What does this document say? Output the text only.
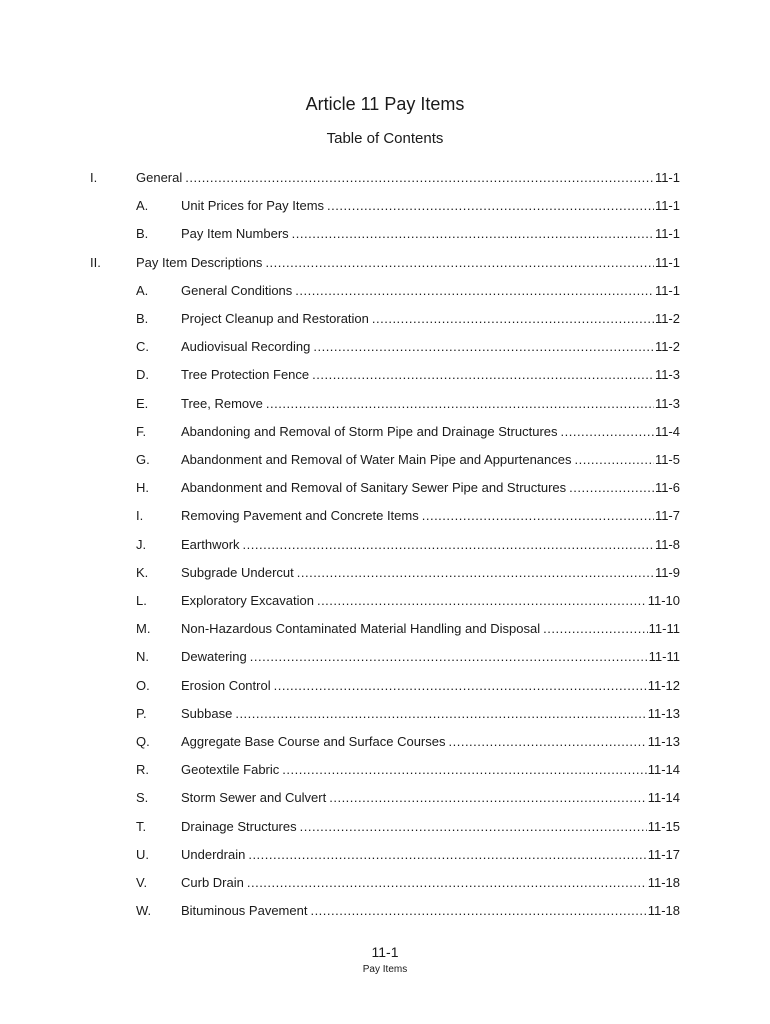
Article 11 Pay Items
Table of Contents
I.	General .....	11-1
A.	Unit Prices for Pay Items .....	11-1
B.	Pay Item Numbers .....	11-1
II.	Pay Item Descriptions .....	11-1
A.	General Conditions .....	11-1
B.	Project Cleanup and Restoration .....	11-2
C. Audiovisual Recording .....	11-2
D. Tree Protection Fence .....	11-3
E.	Tree, Remove .....	11-3
F.	Abandoning and Removal of Storm Pipe and Drainage Structures .....	11-4
G. Abandonment and Removal of Water Main Pipe and Appurtenances .....	11-5
H. Abandonment and Removal of Sanitary Sewer Pipe and Structures .....	11-6
I.	Removing Pavement and Concrete Items .....	11-7
J.	Earthwork .....	11-8
K.	Subgrade Undercut .....	11-9
L.	Exploratory Excavation .....	11-10
M. Non-Hazardous Contaminated Material Handling and Disposal .....	11-11
N. Dewatering .....	11-11
O. Erosion Control .....	11-12
P.	Subbase .....	11-13
Q. Aggregate Base Course and Surface Courses .....	11-13
R. Geotextile Fabric .....	11-14
S.	Storm Sewer and Culvert .....	11-14
T.	Drainage Structures .....	11-15
U. Underdrain .....	11-17
V.	Curb Drain .....	11-18
W. Bituminous Pavement .....	11-18
11-1
Pay Items
